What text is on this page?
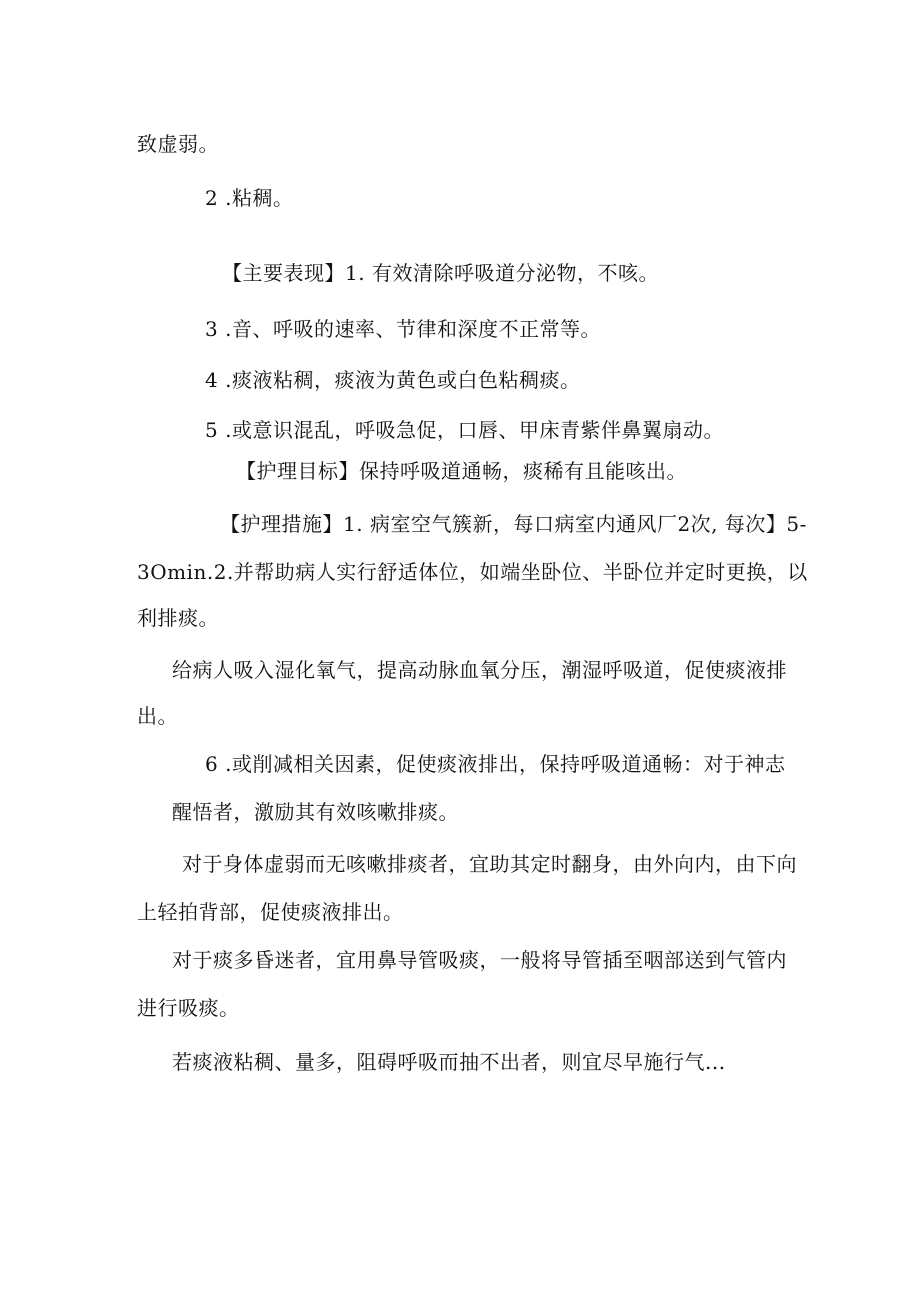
致虚弱。
2 .粘稠。
【主要表现】1. 有效清除呼吸道分泌物，不咳。
3 .音、呼吸的速率、节律和深度不正常等。
4 .痰液粘稠，痰液为黄色或白色粘稠痰。
5 .或意识混乱，呼吸急促，口唇、甲床青紫伴鼻翼扇动。
【护理目标】保持呼吸道通畅，痰稀有且能咳出。
【护理措施】1. 病室空气簇新，每口病室内通风厂2次, 每次】5-
3Omin.2.并帮助病人实行舒适体位，如端坐卧位、半卧位并定时更换，以
利排痰。
给病人吸入湿化氧气，提高动脉血氧分压，潮湿呼吸道，促使痰液排
出。
6 .或削减相关因素，促使痰液排出，保持呼吸道通畅：对于神志
醒悟者，激励其有效咳嗽排痰。
对于身体虚弱而无咳嗽排痰者，宜助其定时翻身，由外向内，由下向
上轻拍背部，促使痰液排出。
对于痰多昏迷者，宜用鼻导管吸痰，一般将导管插至咽部送到气管内
进行吸痰。
若痰液粘稠、量多，阻碍呼吸而抽不出者，则宜尽早施行气...
